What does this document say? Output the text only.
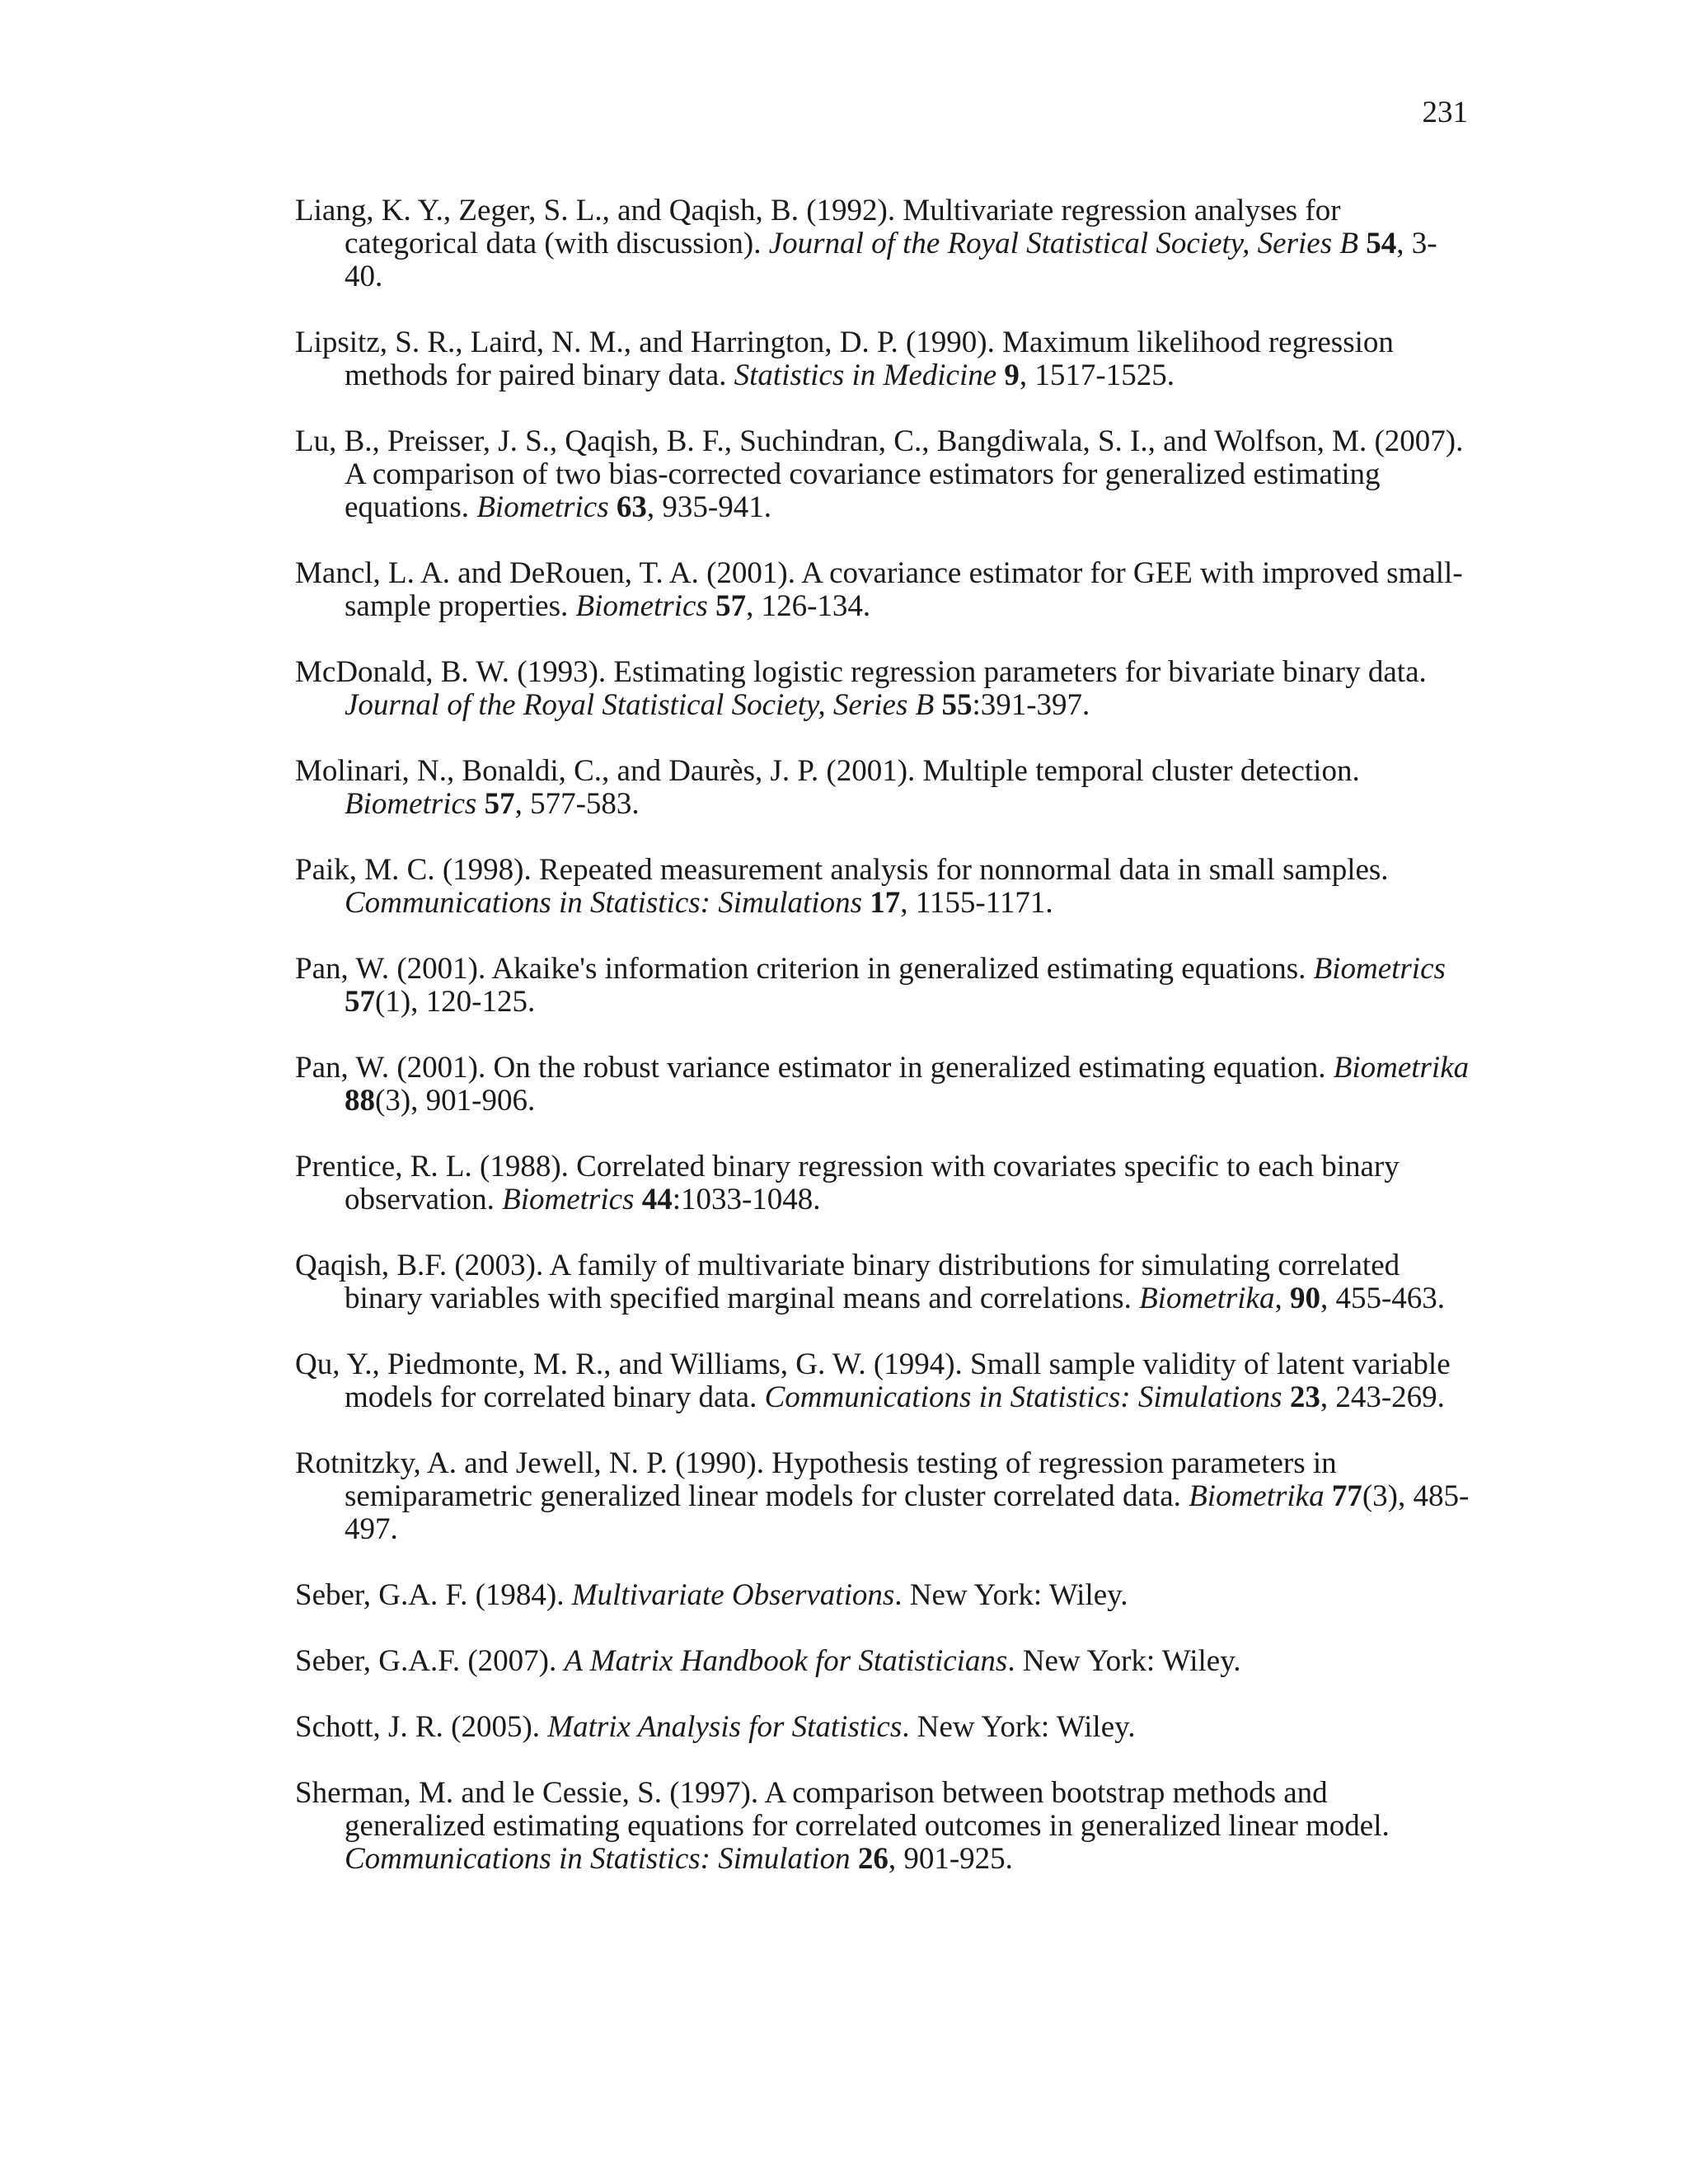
231
Liang, K. Y., Zeger, S. L., and Qaqish, B. (1992). Multivariate regression analyses for categorical data (with discussion). Journal of the Royal Statistical Society, Series B 54, 3-40.
Lipsitz, S. R., Laird, N. M., and Harrington, D. P. (1990). Maximum likelihood regression methods for paired binary data. Statistics in Medicine 9, 1517-1525.
Lu, B., Preisser, J. S., Qaqish, B. F., Suchindran, C., Bangdiwala, S. I., and Wolfson, M. (2007). A comparison of two bias-corrected covariance estimators for generalized estimating equations. Biometrics 63, 935-941.
Mancl, L. A. and DeRouen, T. A. (2001). A covariance estimator for GEE with improved small-sample properties. Biometrics 57, 126-134.
McDonald, B. W. (1993). Estimating logistic regression parameters for bivariate binary data. Journal of the Royal Statistical Society, Series B 55:391-397.
Molinari, N., Bonaldi, C., and Daurès, J. P. (2001). Multiple temporal cluster detection. Biometrics 57, 577-583.
Paik, M. C. (1998). Repeated measurement analysis for nonnormal data in small samples. Communications in Statistics: Simulations 17, 1155-1171.
Pan, W. (2001). Akaike's information criterion in generalized estimating equations. Biometrics 57(1), 120-125.
Pan, W. (2001). On the robust variance estimator in generalized estimating equation. Biometrika 88(3), 901-906.
Prentice, R. L. (1988). Correlated binary regression with covariates specific to each binary observation. Biometrics 44:1033-1048.
Qaqish, B.F. (2003). A family of multivariate binary distributions for simulating correlated binary variables with specified marginal means and correlations. Biometrika, 90, 455-463.
Qu, Y., Piedmonte, M. R., and Williams, G. W. (1994). Small sample validity of latent variable models for correlated binary data. Communications in Statistics: Simulations 23, 243-269.
Rotnitzky, A. and Jewell, N. P. (1990). Hypothesis testing of regression parameters in semiparametric generalized linear models for cluster correlated data. Biometrika 77(3), 485-497.
Seber, G.A. F. (1984). Multivariate Observations. New York: Wiley.
Seber, G.A.F. (2007). A Matrix Handbook for Statisticians. New York: Wiley.
Schott, J. R. (2005). Matrix Analysis for Statistics. New York: Wiley.
Sherman, M. and le Cessie, S. (1997). A comparison between bootstrap methods and generalized estimating equations for correlated outcomes in generalized linear model. Communications in Statistics: Simulation 26, 901-925.
